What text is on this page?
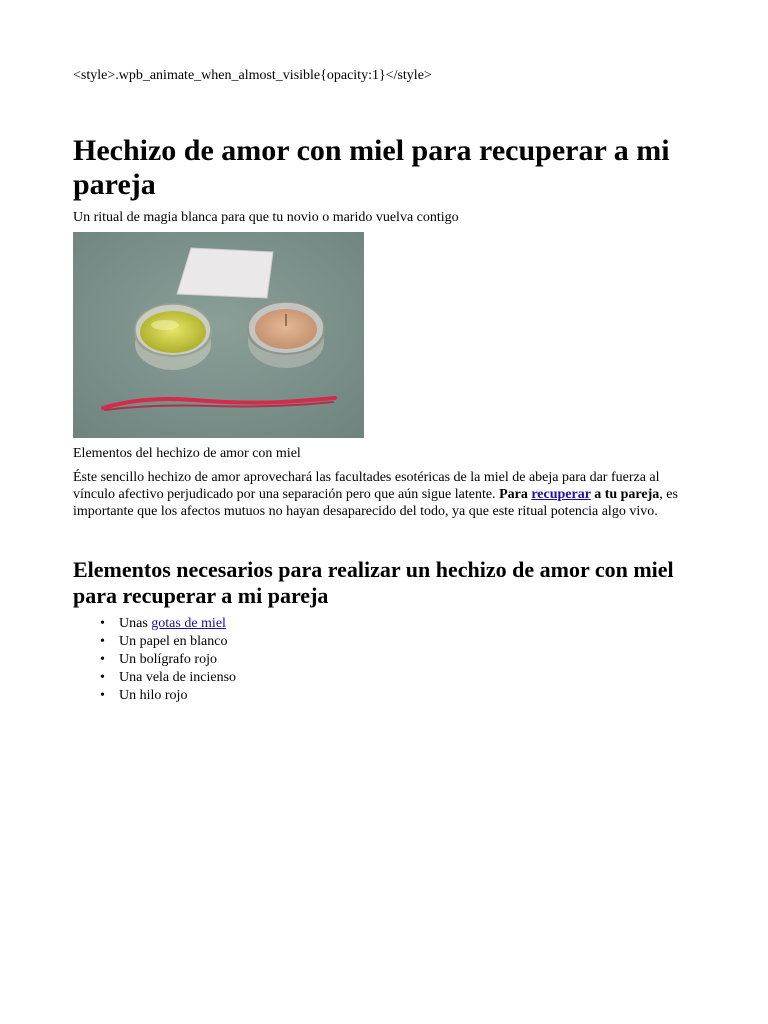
<style>.wpb_animate_when_almost_visible{opacity:1}</style>
Hechizo de amor con miel para recuperar a mi pareja
Un ritual de magia blanca para que tu novio o marido vuelva contigo
Elementos del hechizo de amor con miel

Éste sencillo hechizo de amor aprovechará las facultades esotéricas de la miel de abeja para dar fuerza al vínculo afectivo perjudicado por una separación pero que aún sigue latente. Para recuperar a tu pareja, es importante que los afectos mutuos no hayan desaparecido del todo, ya que este ritual potencia algo vivo.

Elementos necesarios para realizar un hechizo de amor con miel para recuperar a mi pareja
•	Unas gotas de miel
•	Un papel en blanco
•	Un bolígrafo rojo
•	Una vela de incienso
•	Un hilo rojo
